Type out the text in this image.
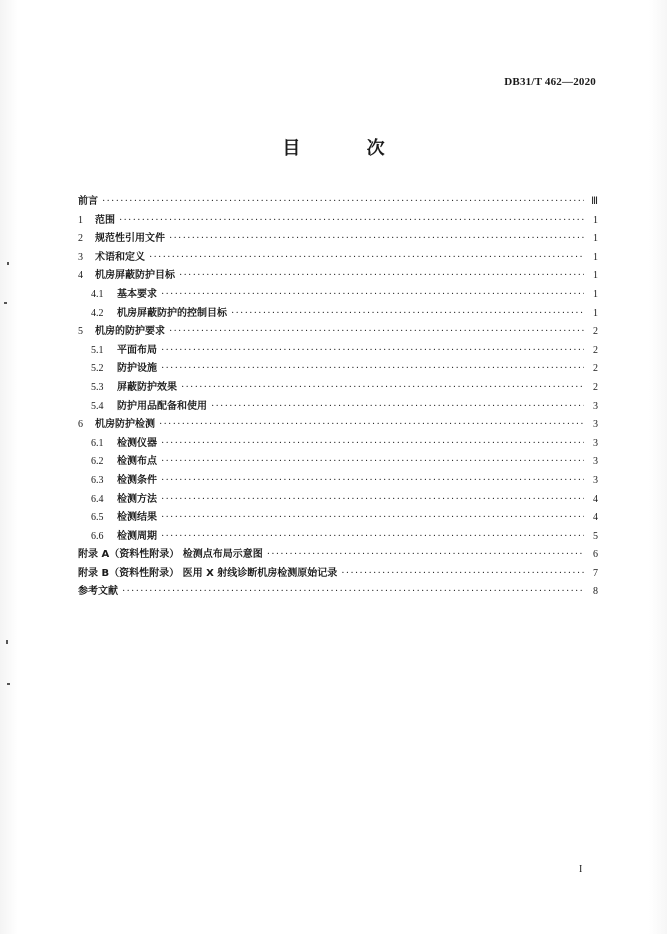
DB31/T 462—2020
目 次
前言 ·····	Ⅲ
1	范围 ·····	1
2	规范性引用文件 ·····	1
3	术语和定义 ·····	1
4	机房屏蔽防护目标 ·····	1
4.1	基本要求 ·····	1
4.2	机房屏蔽防护的控制目标 ·····	1
5	机房的防护要求 ·····	2
5.1	平面布局 ·····	2
5.2	防护设施 ·····	2
5.3	屏蔽防护效果 ·····	2
5.4	防护用品配备和使用 ·····	3
6	机房防护检测 ·····	3
6.1	检测仪器 ·····	3
6.2	检测布点 ·····	3
6.3	检测条件 ·····	3
6.4	检测方法 ·····	4
6.5	检测结果 ·····	4
6.6	检测周期 ·····	5
附录 A（资料性附录） 检测点布局示意图 ·····	6
附录 B（资料性附录） 医用 X 射线诊断机房检测原始记录 ·····	7
参考文献 ·····	8
I
